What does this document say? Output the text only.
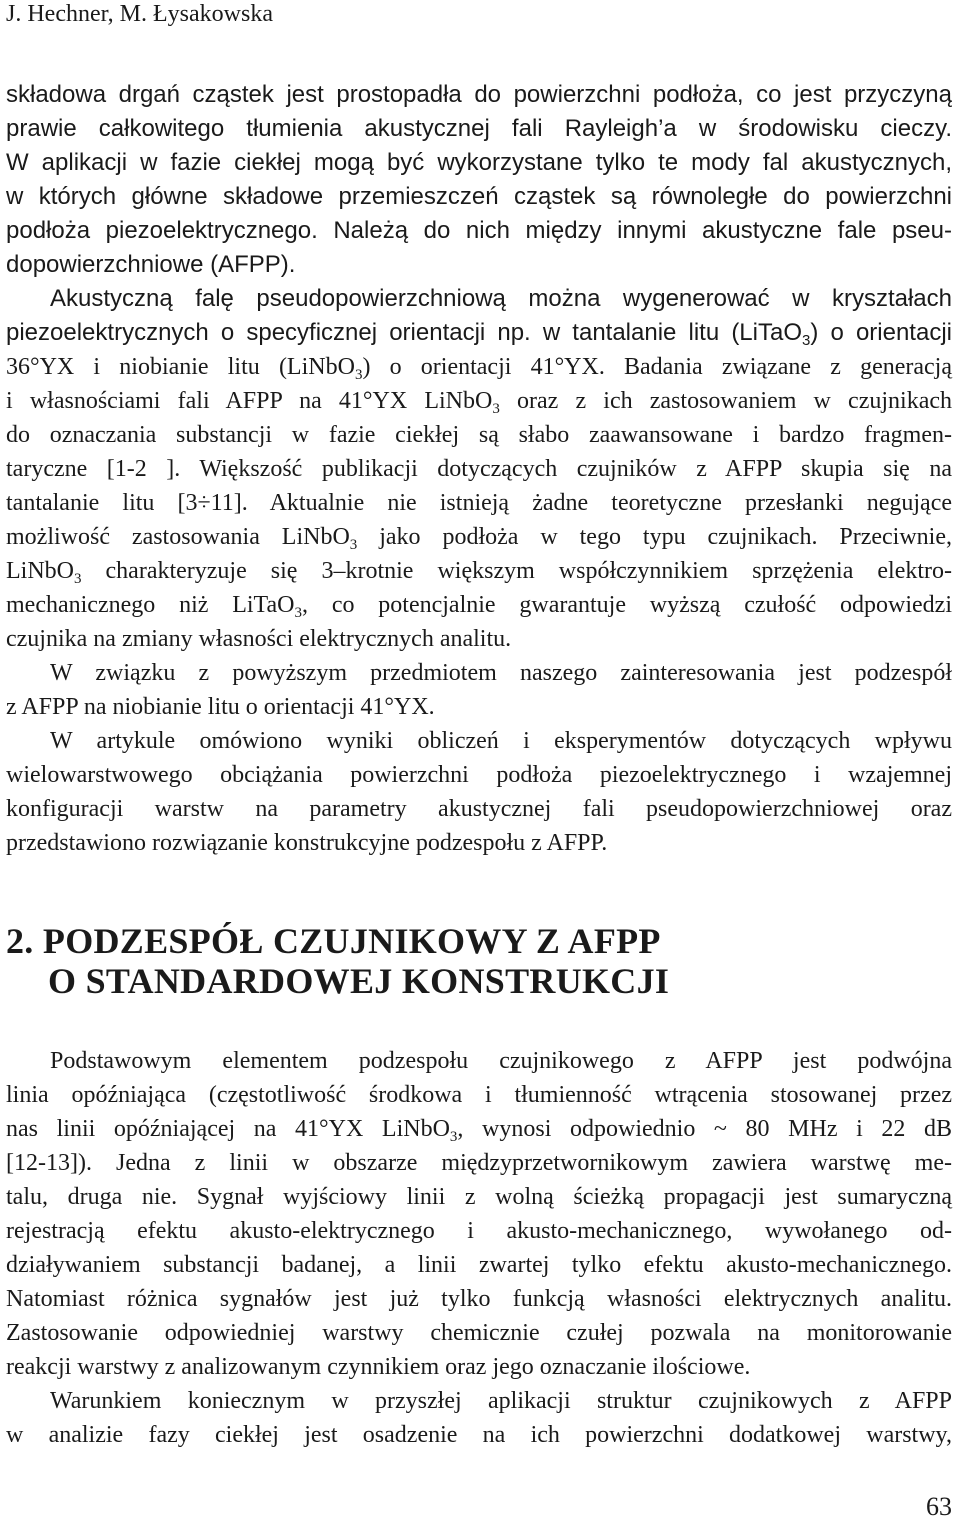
J. Hechner, M. Łysakowska
składowa drgań cząstek jest prostopadła do powierzchni podłoża, co jest przyczyną
prawie całkowitego tłumienia akustycznej fali Rayleigh’a w środowisku cieczy.
W aplikacji w fazie ciekłej mogą być wykorzystane tylko te mody fal akustycznych,
w których główne składowe przemieszczeń cząstek są równoległe do powierzchni
podłoża piezoelektrycznego. Należą do nich między innymi akustyczne fale pseu-
dopowierzchniowe (AFPP).
Akustyczną falę pseudopowierzchniową można wygenerować w kryształach
piezoelektrycznych o specyficznej orientacji np. w tantalanie litu (LiTaO$_3$) o orientacji
36°YX i niobianie litu (LiNbO$_3$) o orientacji 41°YX. Badania związane z generacją
i własnościami fali AFPP na 41°YX LiNbO$_3$ oraz z ich zastosowaniem w czujnikach
do oznaczania substancji w fazie ciekłej są słabo zaawansowane i bardzo fragmen-
taryczne [1-2 ]. Większość publikacji dotyczących czujników z AFPP skupia się na
tantalanie litu [3÷11]. Aktualnie nie istnieją żadne teoretyczne przesłanki negujące
możliwość zastosowania LiNbO$_3$ jako podłoża w tego typu czujnikach. Przeciwnie,
LiNbO$_3$ charakteryzuje się 3–krotnie większym współczynnikiem sprzężenia elektro-
mechanicznego niż LiTaO$_3$, co potencjalnie gwarantuje wyższą czułość odpowiedzi
czujnika na zmiany własności elektrycznych analitu.
W związku z powyższym przedmiotem naszego zainteresowania jest podzespół
z AFPP na niobianie litu o orientacji 41°YX.
W artykule omówiono wyniki obliczeń i eksperymentów dotyczących wpływu
wielowarstwowego obciążania powierzchni podłoża piezoelektrycznego i wzajemnej
konfiguracji warstw na parametry akustycznej fali pseudopowierzchniowej oraz
przedstawiono rozwiązanie konstrukcyjne podzespołu z AFPP.
2. PODZESPÓŁ CZUJNIKOWY Z AFPP
O STANDARDOWEJ KONSTRUKCJI
Podstawowym elementem podzespołu czujnikowego z AFPP jest podwójna
linia opóźniająca (częstotliwość środkowa i tłumienność wtrącenia stosowanej przez
nas linii opóźniającej na 41°YX LiNbO$_3$, wynosi odpowiednio ~ 80 MHz i 22 dB
[12-13]). Jedna z linii w obszarze międzyprzetwornikowym zawiera warstwę me-
talu, druga nie. Sygnał wyjściowy linii z wolną ścieżką propagacji jest sumaryczną
rejestracją efektu akusto-elektrycznego i akusto-mechanicznego, wywołanego od-
działywaniem substancji badanej, a linii zwartej tylko efektu akusto-mechanicznego.
Natomiast różnica sygnałów jest już tylko funkcją własności elektrycznych analitu.
Zastosowanie odpowiedniej warstwy chemicznie czułej pozwala na monitorowanie
reakcji warstwy z analizowanym czynnikiem oraz jego oznaczanie ilościowe.
Warunkiem koniecznym w przyszłej aplikacji struktur czujnikowych z AFPP
w analizie fazy ciekłej jest osadzenie na ich powierzchni dodatkowej warstwy,
63
